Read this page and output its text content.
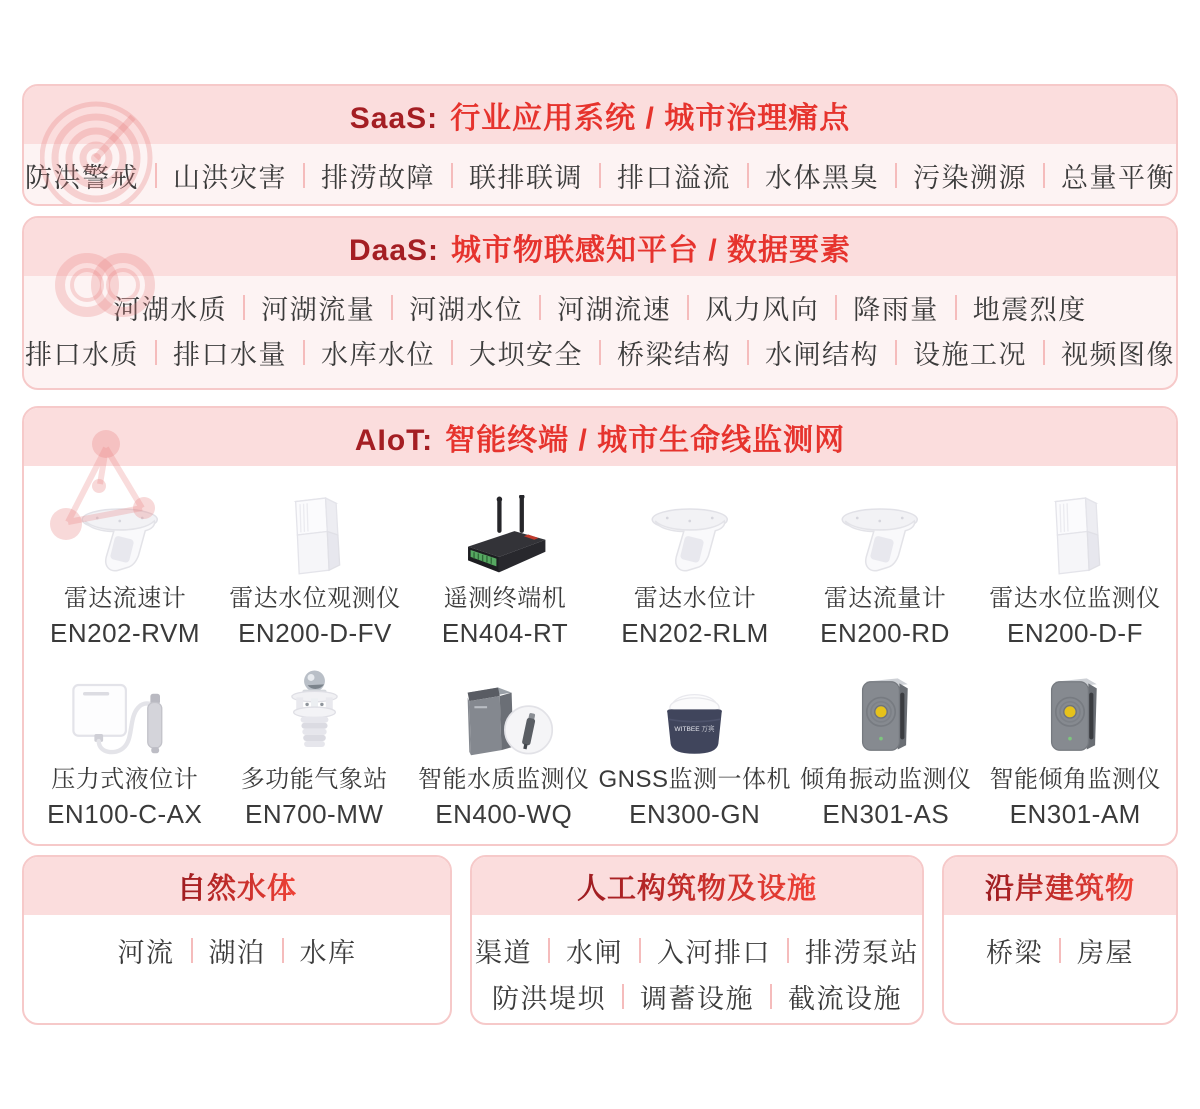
SaaS: 行业应用系统 / 城市治理痛点
防洪警戒 山洪灾害 排涝故障 联排联调 排口溢流 水体黑臭 污染溯源 总量平衡
DaaS: 城市物联感知平台 / 数据要素
河湖水质 河湖流量 河湖水位 河湖流速 风力风向 降雨量 地震烈度
排口水质 排口水量 水库水位 大坝安全 桥梁结构 水闸结构 设施工况 视频图像
AIoT: 智能终端 / 城市生命线监测网
雷达流速计
EN202-RVM
雷达水位观测仪
EN200-D-FV
遥测终端机
EN404-RT
雷达水位计
EN202-RLM
雷达流量计
EN200-RD
雷达水位监测仪
EN200-D-F
压力式液位计
EN100-C-AX
多功能气象站
EN700-MW
智能水质监测仪
EN400-WQ
GNSS监测一体机
EN300-GN
倾角振动监测仪
EN301-AS
智能倾角监测仪
EN301-AM
自然水体
河流 湖泊 水库
人工构筑物及设施
渠道 水闸 入河排口 排涝泵站
防洪堤坝 调蓄设施 截流设施
沿岸建筑物
桥梁 房屋
